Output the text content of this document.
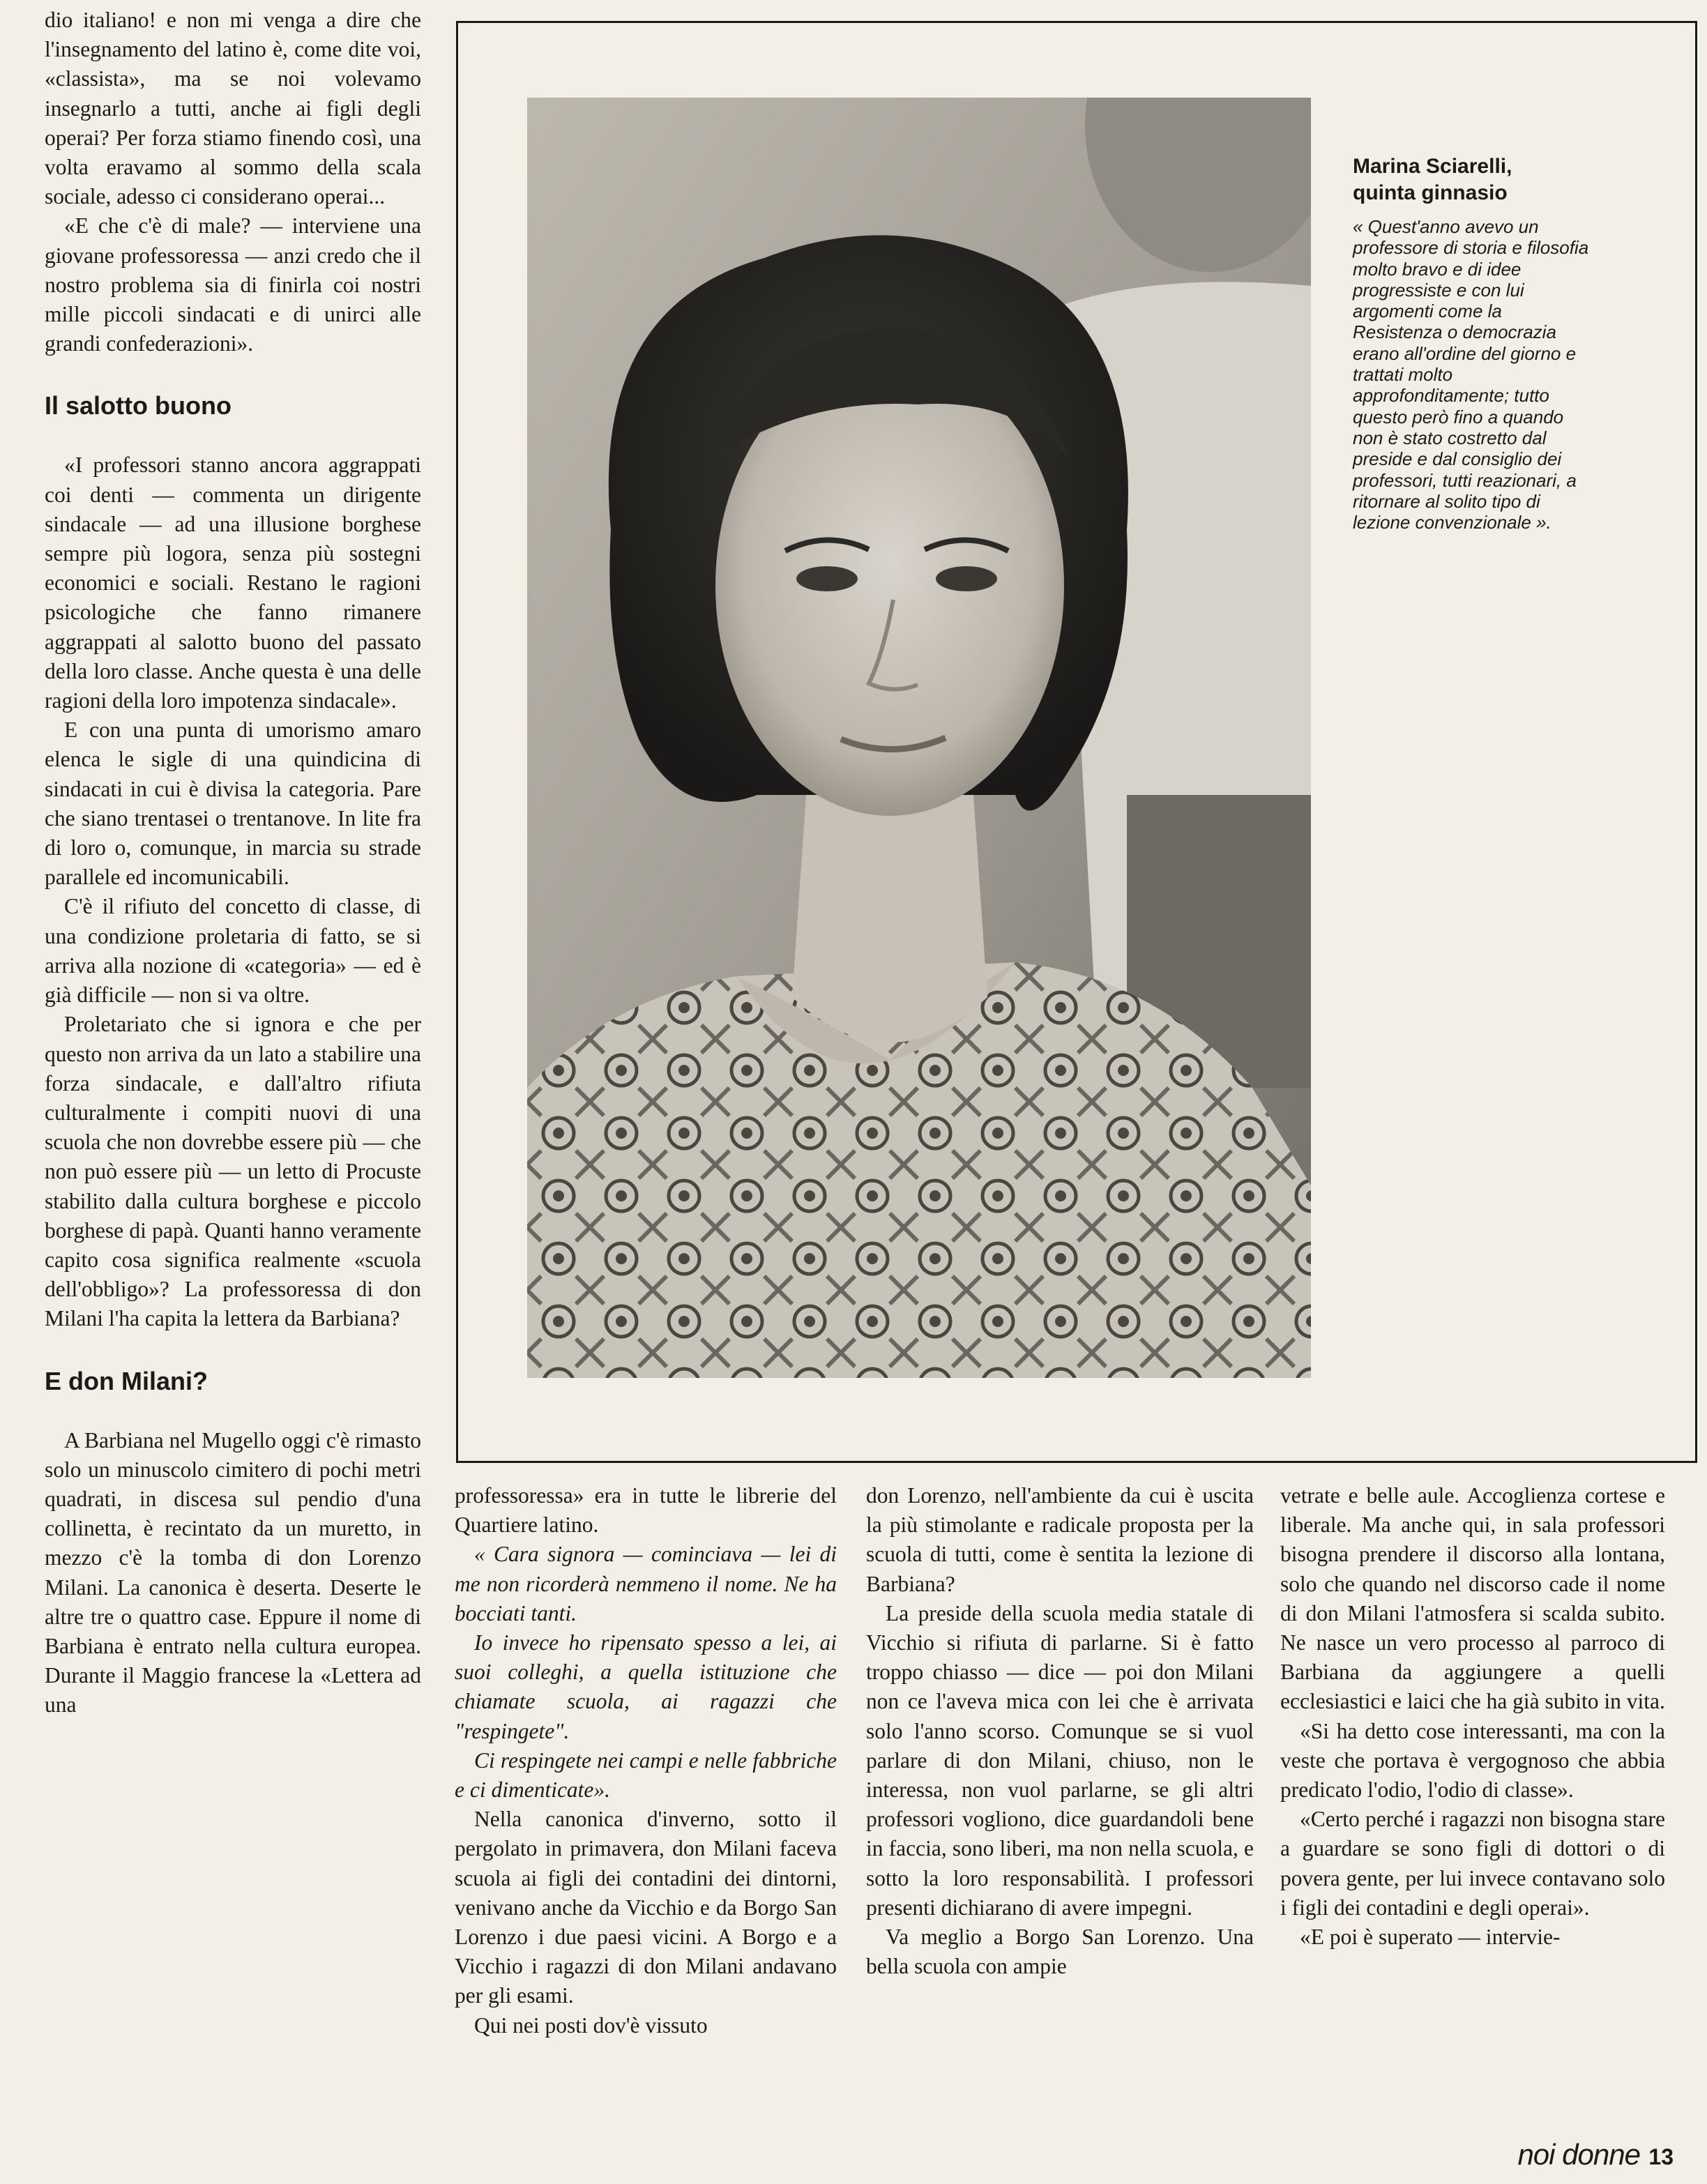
dio italiano! e non mi venga a dire che l'insegnamento del latino è, come dite voi, «classista», ma se noi volevamo insegnarlo a tutti, anche ai figli degli operai? Per forza stiamo finendo così, una volta eravamo al sommo della scala sociale, adesso ci considerano operai...

«E che c'è di male? — interviene una giovane professoressa — anzi credo che il nostro problema sia di finirla coi nostri mille piccoli sindacati e di unirci alle grandi confederazioni».

Il salotto buono

«I professori stanno ancora aggrappati coi denti — commenta un dirigente sindacale — ad una illusione borghese sempre più logora, senza più sostegni economici e sociali. Restano le ragioni psicologiche che fanno rimanere aggrappati al salotto buono del passato della loro classe. Anche questa è una delle ragioni della loro impotenza sindacale».

E con una punta di umorismo amaro elenca le sigle di una quindicina di sindacati in cui è divisa la categoria. Pare che siano trentasei o trentanove. In lite fra di loro o, comunque, in marcia su strade parallele ed incomunicabili.

C'è il rifiuto del concetto di classe, di una condizione proletaria di fatto, se si arriva alla nozione di «categoria» — ed è già difficile — non si va oltre.

Proletariato che si ignora e che per questo non arriva da un lato a stabilire una forza sindacale, e dall'altro rifiuta culturalmente i compiti nuovi di una scuola che non dovrebbe essere più — che non può essere più — un letto di Procuste stabilito dalla cultura borghese e piccolo borghese di papà. Quanti hanno veramente capito cosa significa realmente «scuola dell'obbligo»? La professoressa di don Milani l'ha capita la lettera da Barbiana?

E don Milani?

A Barbiana nel Mugello oggi c'è rimasto solo un minuscolo cimitero di pochi metri quadrati, in discesa sul pendio d'una collinetta, è recintato da un muretto, in mezzo c'è la tomba di don Lorenzo Milani. La canonica è deserta. Deserte le altre tre o quattro case. Eppure il nome di Barbiana è entrato nella cultura europea. Durante il Maggio francese la «Lettera ad una

Marina Sciarelli,
quinta ginnasio
« Quest'anno avevo un professore di storia e filosofia molto bravo e di idee progressiste e con lui argomenti come la Resistenza o democrazia erano all'ordine del giorno e trattati molto approfonditamente; tutto questo però fino a quando non è stato costretto dal preside e dal consiglio dei professori, tutti reazionari, a ritornare al solito tipo di lezione convenzionale ».

professoressa» era in tutte le librerie del Quartiere latino.

« Cara signora — cominciava — lei di me non ricorderà nemmeno il nome. Ne ha bocciati tanti.

Io invece ho ripensato spesso a lei, ai suoi colleghi, a quella istituzione che chiamate scuola, ai ragazzi che "respingete".

Ci respingete nei campi e nelle fabbriche e ci dimenticate».

Nella canonica d'inverno, sotto il pergolato in primavera, don Milani faceva scuola ai figli dei contadini dei dintorni, venivano anche da Vicchio e da Borgo San Lorenzo i due paesi vicini. A Borgo e a Vicchio i ragazzi di don Milani andavano per gli esami.

Qui nei posti dov'è vissuto

don Lorenzo, nell'ambiente da cui è uscita la più stimolante e radicale proposta per la scuola di tutti, come è sentita la lezione di Barbiana?

La preside della scuola media statale di Vicchio si rifiuta di parlarne. Si è fatto troppo chiasso — dice — poi don Milani non ce l'aveva mica con lei che è arrivata solo l'anno scorso. Comunque se si vuol parlare di don Milani, chiuso, non le interessa, non vuol parlarne, se gli altri professori vogliono, dice guardandoli bene in faccia, sono liberi, ma non nella scuola, e sotto la loro responsabilità. I professori presenti dichiarano di avere impegni.

Va meglio a Borgo San Lorenzo. Una bella scuola con ampie

vetrate e belle aule. Accoglienza cortese e liberale. Ma anche qui, in sala professori bisogna prendere il discorso alla lontana, solo che quando nel discorso cade il nome di don Milani l'atmosfera si scalda subito. Ne nasce un vero processo al parroco di Barbiana da aggiungere a quelli ecclesiastici e laici che ha già subito in vita.

«Si ha detto cose interessanti, ma con la veste che portava è vergognoso che abbia predicato l'odio, l'odio di classe».

«Certo perché i ragazzi non bisogna stare a guardare se sono figli di dottori o di povera gente, per lui invece contavano solo i figli dei contadini e degli operai».

«E poi è superato — intervie-

noi donne 13
